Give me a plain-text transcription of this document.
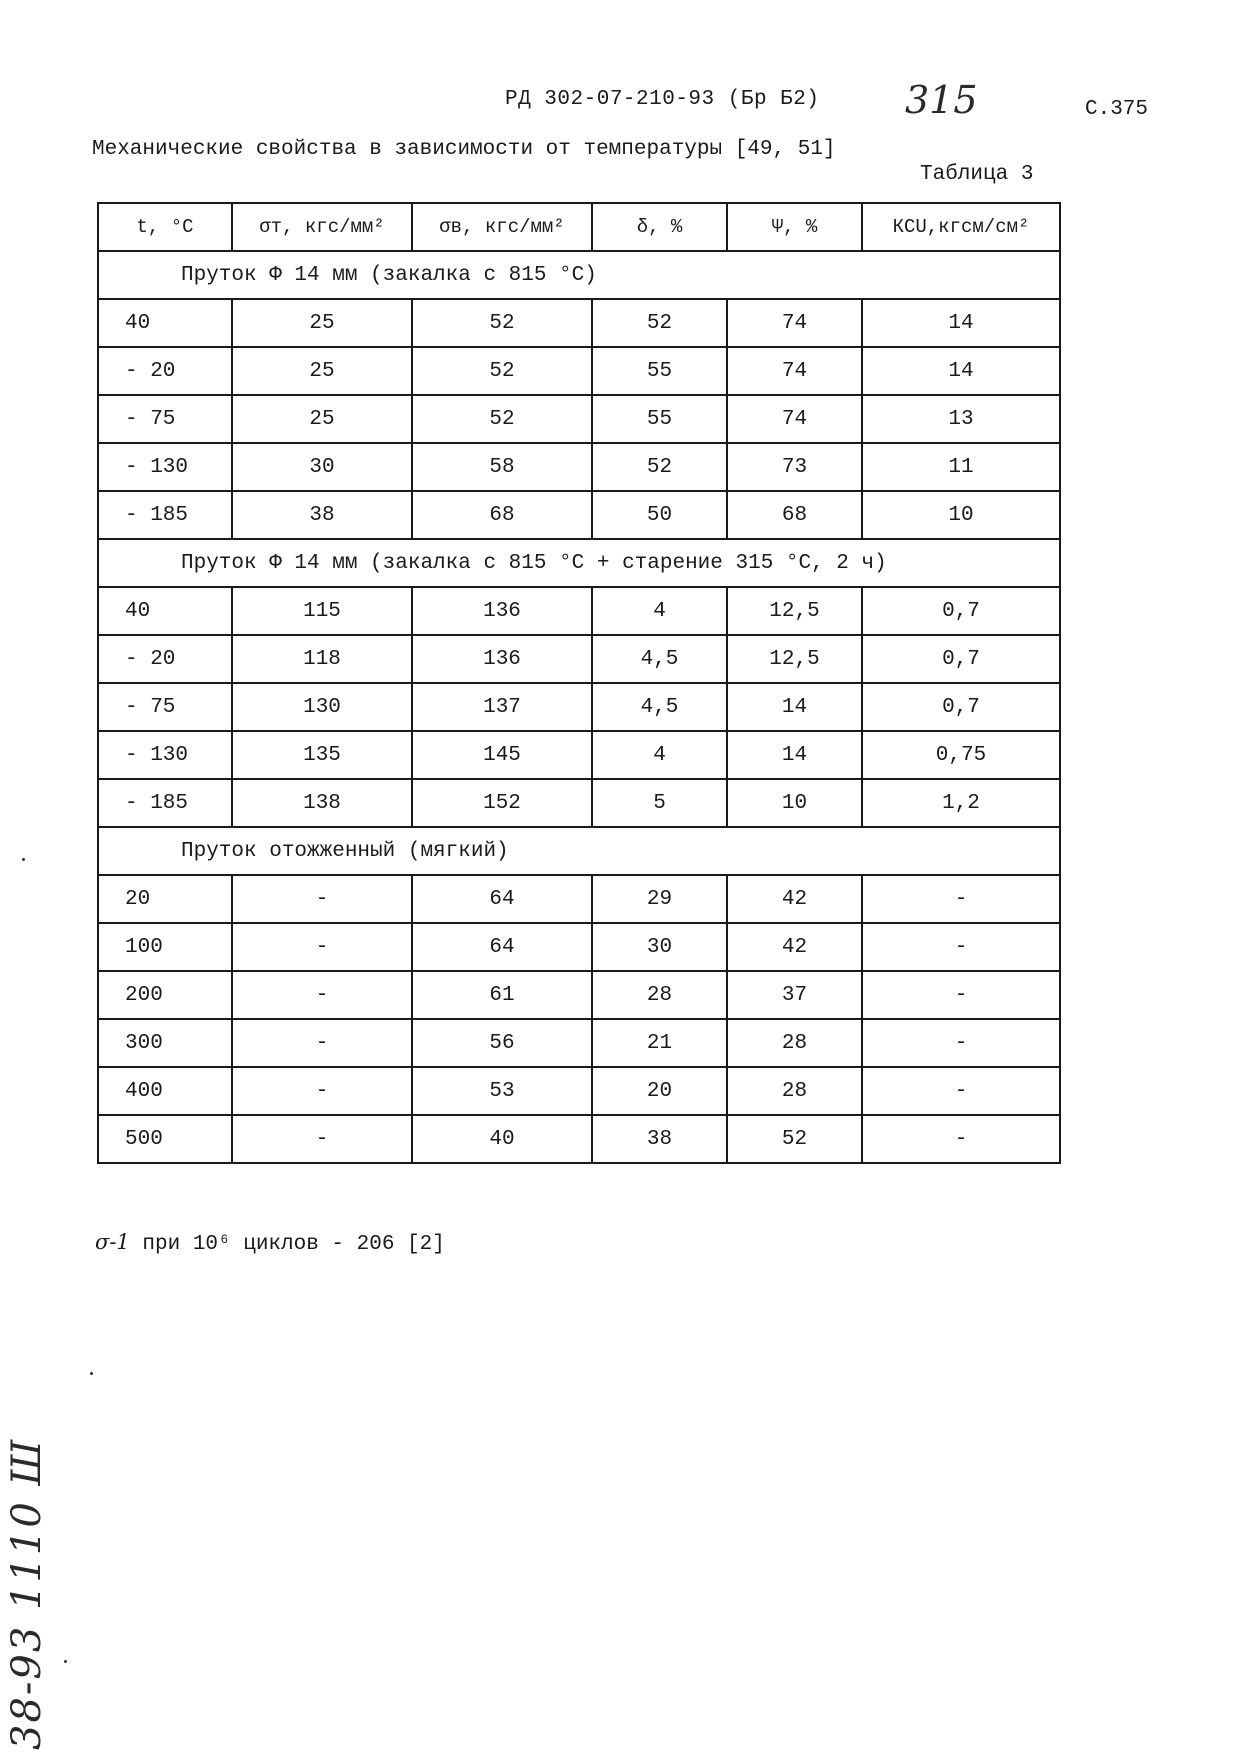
РД 302-07-210-93 (Бр Б2) 315	С.375
Механические свойства в зависимости от температуры [49, 51]
Таблица 3
t, °С	σт, кгс/мм²	σв, кгс/мм²	δ, %	Ψ, %	КСU,кгсм/см²
Пруток Ф 14 мм (закалка с 815 °С)					
40	25	52	52	74	14
- 20	25	52	55	74	14
- 75	25	52	55	74	13
- 130	30	58	52	73	11
- 185	38	68	50	68	10
Пруток Ф 14 мм (закалка с 815 °С + старение 315 °С, 2 ч)					
40	115	136	4	12,5	0,7
- 20	118	136	4,5	12,5	0,7
- 75	130	137	4,5	14	0,7
- 130	135	145	4	14	0,75
- 185	138	152	5	10	1,2
Пруток отожженный (мягкий)					
20	-	64	29	42	-
100	-	64	30	42	-
200	-	61	28	37	-
300	-	56	21	28	-
400	-	53	20	28	-
500	-	40	38	52	-
σ-1 при 10⁶ циклов - 206 [2]
38-93 1110 Ш
